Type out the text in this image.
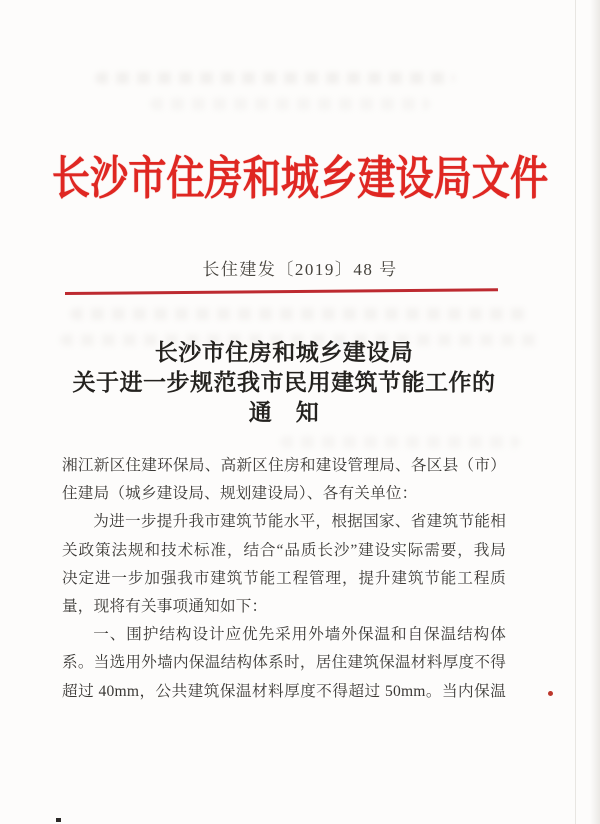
长沙市住房和城乡建设局文件
长住建发〔2019〕48 号
长沙市住房和城乡建设局
关于进一步规范我市民用建筑节能工作的
通　知
湘江新区住建环保局、高新区住房和建设管理局、各区县（市）
住建局（城乡建设局、规划建设局）、各有关单位：
为进一步提升我市建筑节能水平，根据国家、省建筑节能相
关政策法规和技术标准，结合“品质长沙”建设实际需要，我局
决定进一步加强我市建筑节能工程管理，提升建筑节能工程质
量，现将有关事项通知如下：
一、围护结构设计应优先采用外墙外保温和自保温结构体
系。当选用外墙内保温结构体系时，居住建筑保温材料厚度不得
超过 40mm，公共建筑保温材料厚度不得超过 50mm。当内保温
